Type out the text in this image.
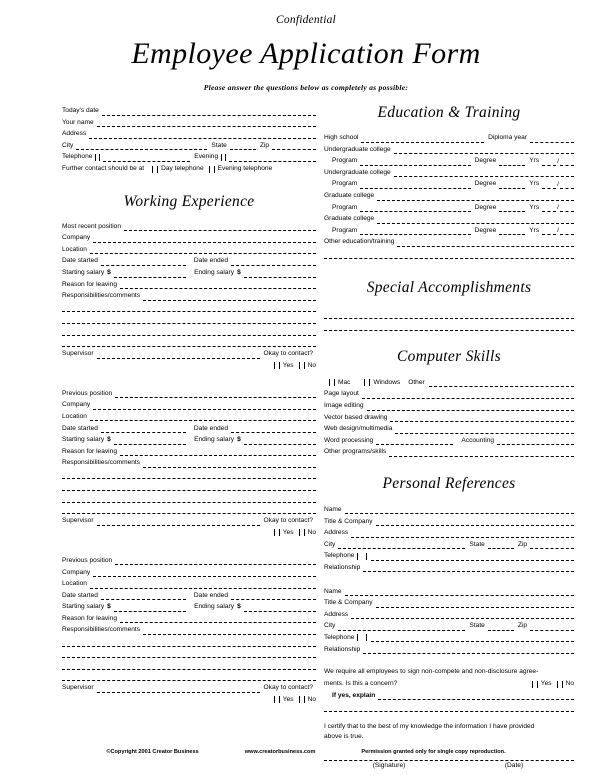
Confidential
Employee Application Form
Please answer the questions below as completely as possible:
Today's date
Your name
Address
City	State	Zip
Telephone	Evening
Further contact should be at	Day telephone Evening telephone
Working Experience
Most recent position
Company
Location
Date started	Date ended
Starting salary $	Ending salary $
Reason for leaving
Responsibilities/comments
Supervisor	Okay to contact?
Yes No
Previous position
Company
Location
Date started	Date ended
Starting salary $	Ending salary $
Reason for leaving
Responsibilities/comments
Supervisor	Okay to contact?
Yes No
Previous position
Company
Location
Date started	Date ended
Starting salary $	Ending salary $
Reason for leaving
Responsibilities/comments
Supervisor	Okay to contact?
Yes No
Education & Training
High school	Diploma year
Undergraduate college
Program	Degree	Yrs	/
Undergraduate college
Program	Degree	Yrs	/
Graduate college
Program	Degree	Yrs	/
Graduate college
Program	Degree	Yrs	/
Other education/training
Special Accomplishments
Computer Skills
Mac	Windows	Other
Page layout
Image editing
Vector based drawing
Web design/multimedia
Word processing	Accounting
Other programs/skills
Personal References
Name
Title & Company
Address
City	State	Zip
Telephone
Relationship
Name
Title & Company
Address
City	State	Zip
Telephone
Relationship
We require all employees to sign non-compete and non-disclosure agree-
ments. Is this a concern?	Yes No
If yes, explain
I certify that to the best of my knowledge the information I have provided
above is true.
(Signature)	(Date)
©Copyright 2001 Creator Business	www.creatorbusiness.com	Permission granted only for single copy reproduction.
